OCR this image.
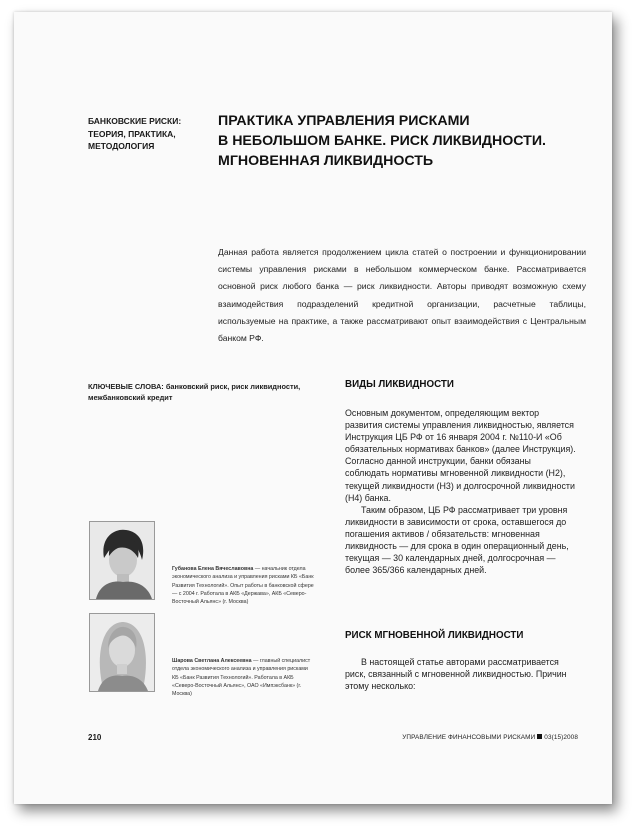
БАНКОВСКИЕ РИСКИ: ТЕОРИЯ, ПРАКТИКА, МЕТОДОЛОГИЯ
ПРАКТИКА УПРАВЛЕНИЯ РИСКАМИ
В НЕБОЛЬШОМ БАНКЕ. РИСК ЛИКВИДНОСТИ.
МГНОВЕННАЯ ЛИКВИДНОСТЬ
Данная работа является продолжением цикла статей о построении и функционировании системы управления рисками в небольшом коммерческом банке. Рассматривается основной риск любого банка — риск ликвидности. Авторы приводят возможную схему взаимодействия подразделений кредитной организации, расчетные таблицы, используемые на практике, а также рассматривают опыт взаимодействия с Центральным банком РФ.
КЛЮЧЕВЫЕ СЛОВА: банковский риск, риск ликвидности, межбанковский кредит
ВИДЫ ЛИКВИДНОСТИ

Основным документом, определяющим вектор развития системы управления ликвидностью, является Инструкция ЦБ РФ от 16 января 2004 г. №110-И «Об обязательных нормативах банков» (далее Инструкция). Согласно данной инструкции, банки обязаны соблюдать нормативы мгновенной ликвидности (Н2), текущей ликвидности (Н3) и долгосрочной ликвидности (Н4) банка.

Таким образом, ЦБ РФ рассматривает три уровня ликвидности в зависимости от срока, оставшегося до погашения активов / обязательств: мгновенная ликвидность — для срока в один операционный день, текущая — 30 календарных дней, долгосрочная — более 365/366 календарных дней.

РИСК МГНОВЕННОЙ ЛИКВИДНОСТИ

В настоящей статье авторами рассматривается риск, связанный с мгновенной ликвидностью. Причин этому несколько:

Губанова Елена Вячеславовна — начальник отдела экономического анализа и управления рисками КБ «Банк Развития Технологий». Опыт работы в банковской сфере — с 2004 г. Работала в АКБ «Держава», АКБ «Северо-Восточный Альянс» (г. Москва)
Шарова Светлана Алексеевна — главный специалист отдела экономического анализа и управления рисками КБ «Банк Развития Технологий». Работала в АКБ «Северо-Восточный Альянс», ОАО «Импэксбанк» (г. Москва)
210	УПРАВЛЕНИЕ ФИНАНСОВЫМИ РИСКАМИ 03(15)2008
